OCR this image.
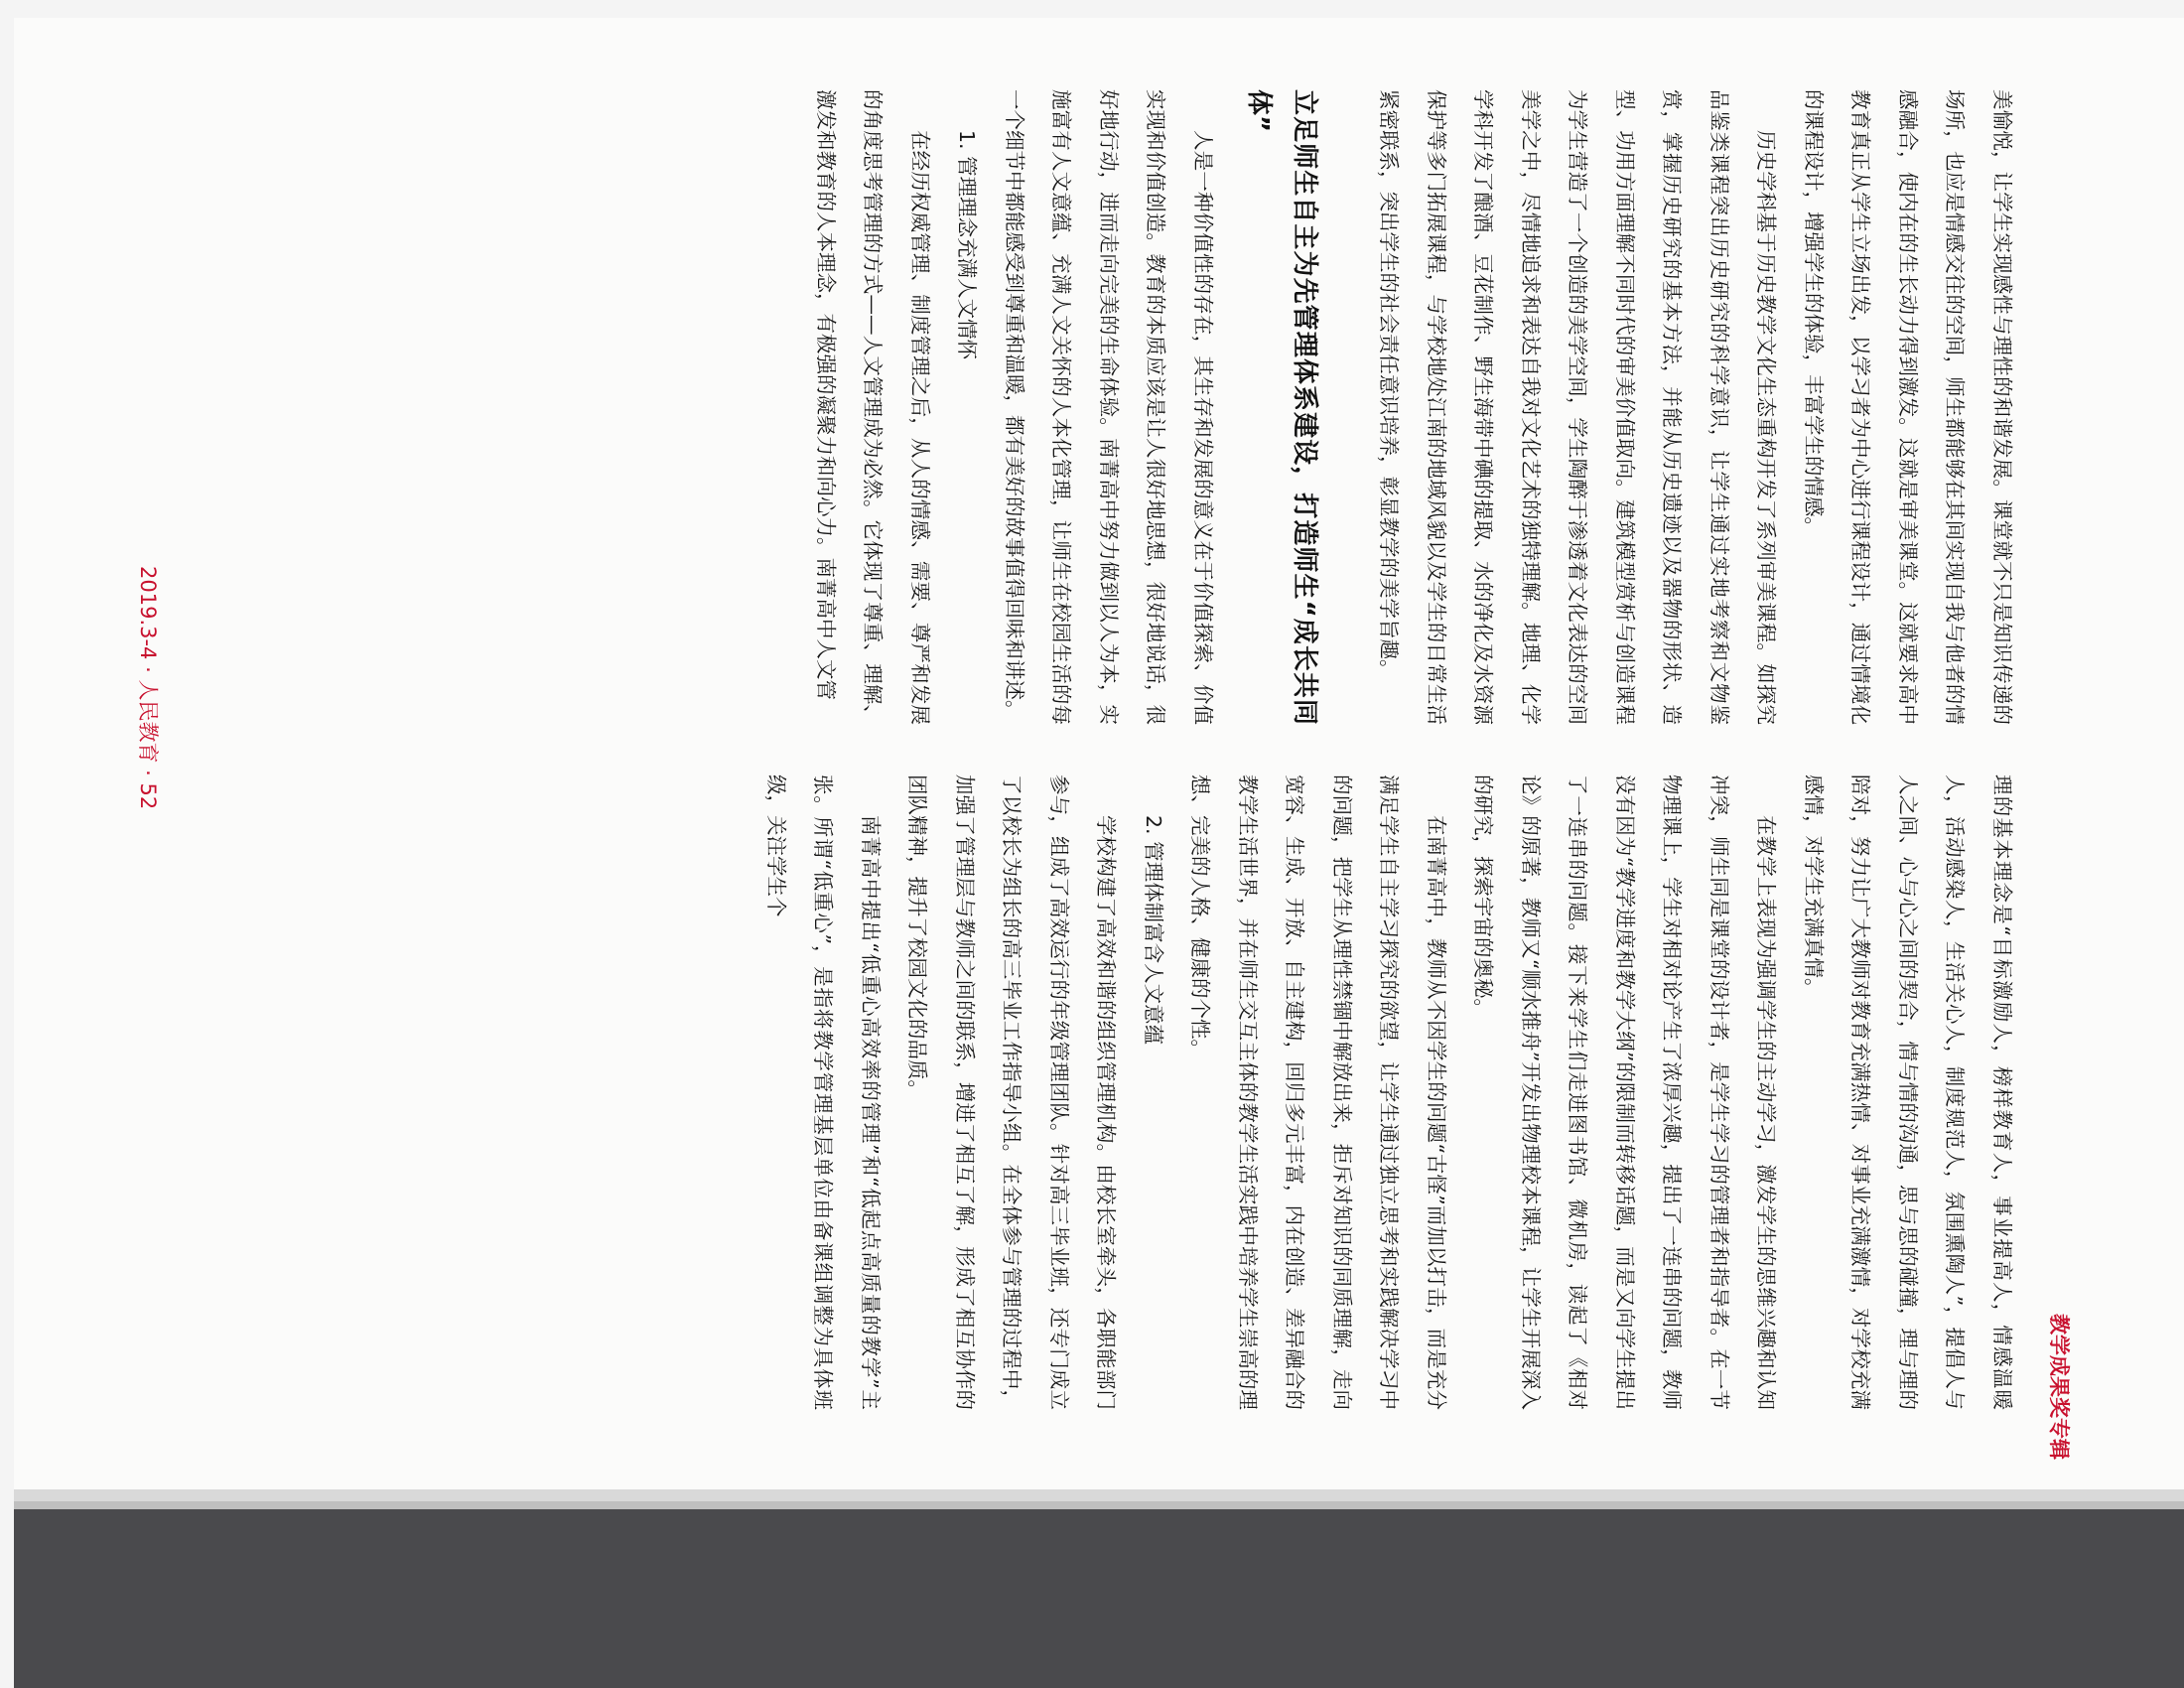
教学成果奖专辑

美愉悦，让学生实现感性与理性的和谐发展。课堂就不只是知识传递的场所，也应是情感交往的空间，师生都能够在其间实现自我与他者的情感融合，使内在的生长动力得到激发。这就是审美课堂。这就要求高中教育真正从学生立场出发，以学习者为中心进行课程设计，通过情境化的课程设计，增强学生的体验，丰富学生的情感。

历史学科基于历史教学文化生态重构开发了系列审美课程。如探究品鉴类课程突出历史研究的科学意识，让学生通过实地考察和文物鉴赏，掌握历史研究的基本方法，并能从历史遗迹以及器物的形状、造型、功用方面理解不同时代的审美价值取向。建筑模型赏析与创造课程为学生营造了一个创造的美学空间，学生陶醉于渗透着文化表达的空间美学之中，尽情地追求和表达自我对文化艺术的独特理解。地理、化学学科开发了酿酒、豆花制作、野生海带中碘的提取、水的净化及水资源保护等多门拓展课程，与学校地处江南的地域风貌以及学生的日常生活紧密联系，突出学生的社会责任意识培养，彰显教学的美学旨趣。

立足师生自主为先管理体系建设，打造师生“成长共同体”

人是一种价值性的存在，其生存和发展的意义在于价值探索、价值实现和价值创造。教育的本质应该是让人很好地思想，很好地说话，很好地行动，进而走向完美的生命体验。南菁高中努力做到以人为本，实施富有人文意蕴、充满人文关怀的人本化管理，让师生在校园生活的每一个细节中都能感受到尊重和温暖，都有美好的故事值得回味和讲述。

1. 管理理念充满人文情怀

在经历权威管理、制度管理之后，从人的情感、需要、尊严和发展的角度思考管理的方式——人文管理成为必然。它体现了尊重、理解、激发和教育的人本理念，有极强的凝聚力和向心力。南菁高中人文管

理的基本理念是“目标激励人，榜样教育人，事业提高人，情感温暖人，活动感染人，生活关心人，制度规范人，氛围熏陶人”，提倡人与人之间、心与心之间的契合，情与情的沟通，思与思的碰撞，理与理的陪对，努力让广大教师对教育充满热情、对事业充满激情，对学校充满感情，对学生充满真情。

在教学上表现为强调学生的主动学习，激发学生的思维兴趣和认知冲突，师生同是课堂的设计者，是学生学习的管理者和指导者。在一节物理课上，学生对相对论产生了浓厚兴趣，提出了一连串的问题，教师没有因为“教学进度和教学大纲”的限制而转移话题，而是又向学生提出了一连串的问题。接下来学生们走进图书馆、微机房，读起了《相对论》的原著，教师又“顺水推舟”开发出物理校本课程，让学生开展深入的研究，探索宇宙的奥秘。

在南菁高中，教师从不因学生的问题“古怪”而加以打击，而是充分满足学生自主学习探究的欲望，让学生通过独立思考和实践解决学习中的问题，把学生从理性禁锢中解放出来，拒斥对知识的同质理解，走向宽容、生成、开放、自主建构，回归多元丰富，内在创造、差异融合的教学生活世界，并在师生交互主体的教学生活实践中培养学生崇高的理想、完美的人格、健康的个性。

2. 管理体制富含人文意蕴

学校构建了高效和谐的组织管理机构。由校长室牵头，各职能部门参与，组成了高效运行的年级管理团队。针对高三毕业班，还专门成立了以校长为组长的高三毕业工作指导小组。在全体参与管理的过程中，加强了管理层与教师之间的联系，增进了相互了解，形成了相互协作的团队精神，提升了校园文化的品质。

南菁高中提出“低重心高效率的管理”和“低起点高质量的教学”主张。所谓“低重心”，是指将教学管理基层单位由备课组调整为具体班级，关注学生个

2019.3-4 · 人民教育 · 52
